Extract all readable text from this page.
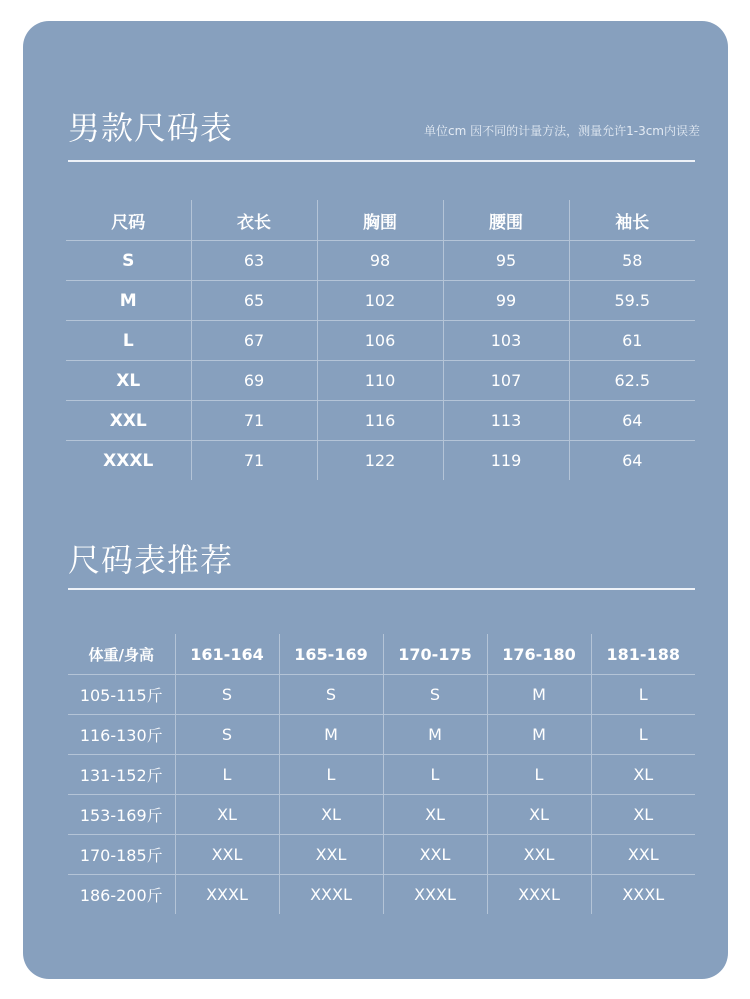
男款尺码表	单位cm 因不同的计量方法，测量允许1-3cm内误差
尺码	衣长	胸围	腰围	袖长
S	63	98	95	58
M	65	102	99	59.5
L	67	106	103	61
XL	69	110	107	62.5
XXL	71	116	113	64
XXXL	71	122	119	64
尺码表推荐
体重/身高	161-164	165-169	170-175	176-180	181-188
105-115斤	S	S	S	M	L
116-130斤	S	M	M	M	L
131-152斤	L	L	L	L	XL
153-169斤	XL	XL	XL	XL	XL
170-185斤	XXL	XXL	XXL	XXL	XXL
186-200斤	XXXL	XXXL	XXXL	XXXL	XXXL
